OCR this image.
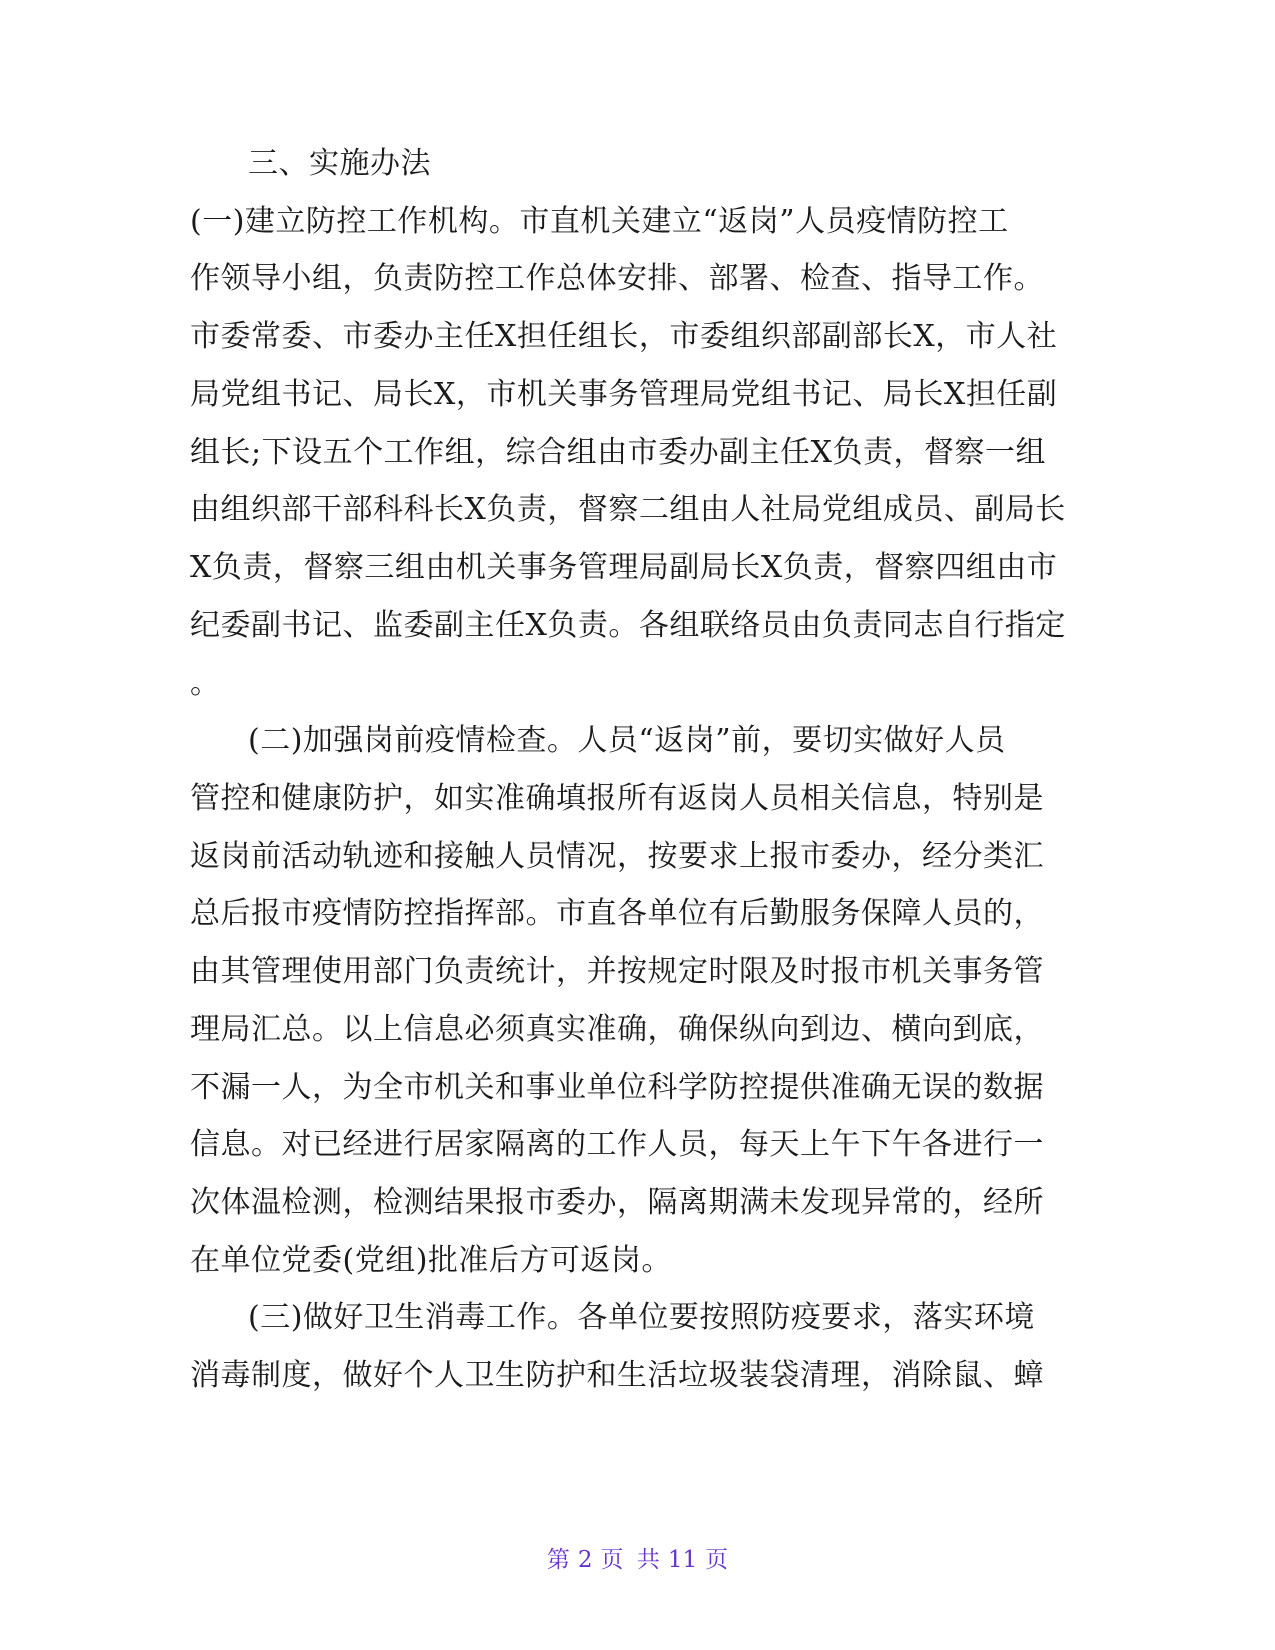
三、实施办法
(一)建立防控工作机构。市直机关建立“返岗”人员疫情防控工
作领导小组，负责防控工作总体安排、部署、检查、指导工作。
市委常委、市委办主任X担任组长，市委组织部副部长X，市人社
局党组书记、局长X，市机关事务管理局党组书记、局长X担任副
组长;下设五个工作组，综合组由市委办副主任X负责，督察一组
由组织部干部科科长X负责，督察二组由人社局党组成员、副局长
X负责，督察三组由机关事务管理局副局长X负责，督察四组由市
纪委副书记、监委副主任X负责。各组联络员由负责同志自行指定
。
(二)加强岗前疫情检查。人员“返岗”前，要切实做好人员
管控和健康防护，如实准确填报所有返岗人员相关信息，特别是
返岗前活动轨迹和接触人员情况，按要求上报市委办，经分类汇
总后报市疫情防控指挥部。市直各单位有后勤服务保障人员的，
由其管理使用部门负责统计，并按规定时限及时报市机关事务管
理局汇总。以上信息必须真实准确，确保纵向到边、横向到底，
不漏一人，为全市机关和事业单位科学防控提供准确无误的数据
信息。对已经进行居家隔离的工作人员，每天上午下午各进行一
次体温检测，检测结果报市委办，隔离期满未发现异常的，经所
在单位党委(党组)批准后方可返岗。
(三)做好卫生消毒工作。各单位要按照防疫要求，落实环境
消毒制度，做好个人卫生防护和生活垃圾装袋清理，消除鼠、蟑
第 2 页 共 11 页
